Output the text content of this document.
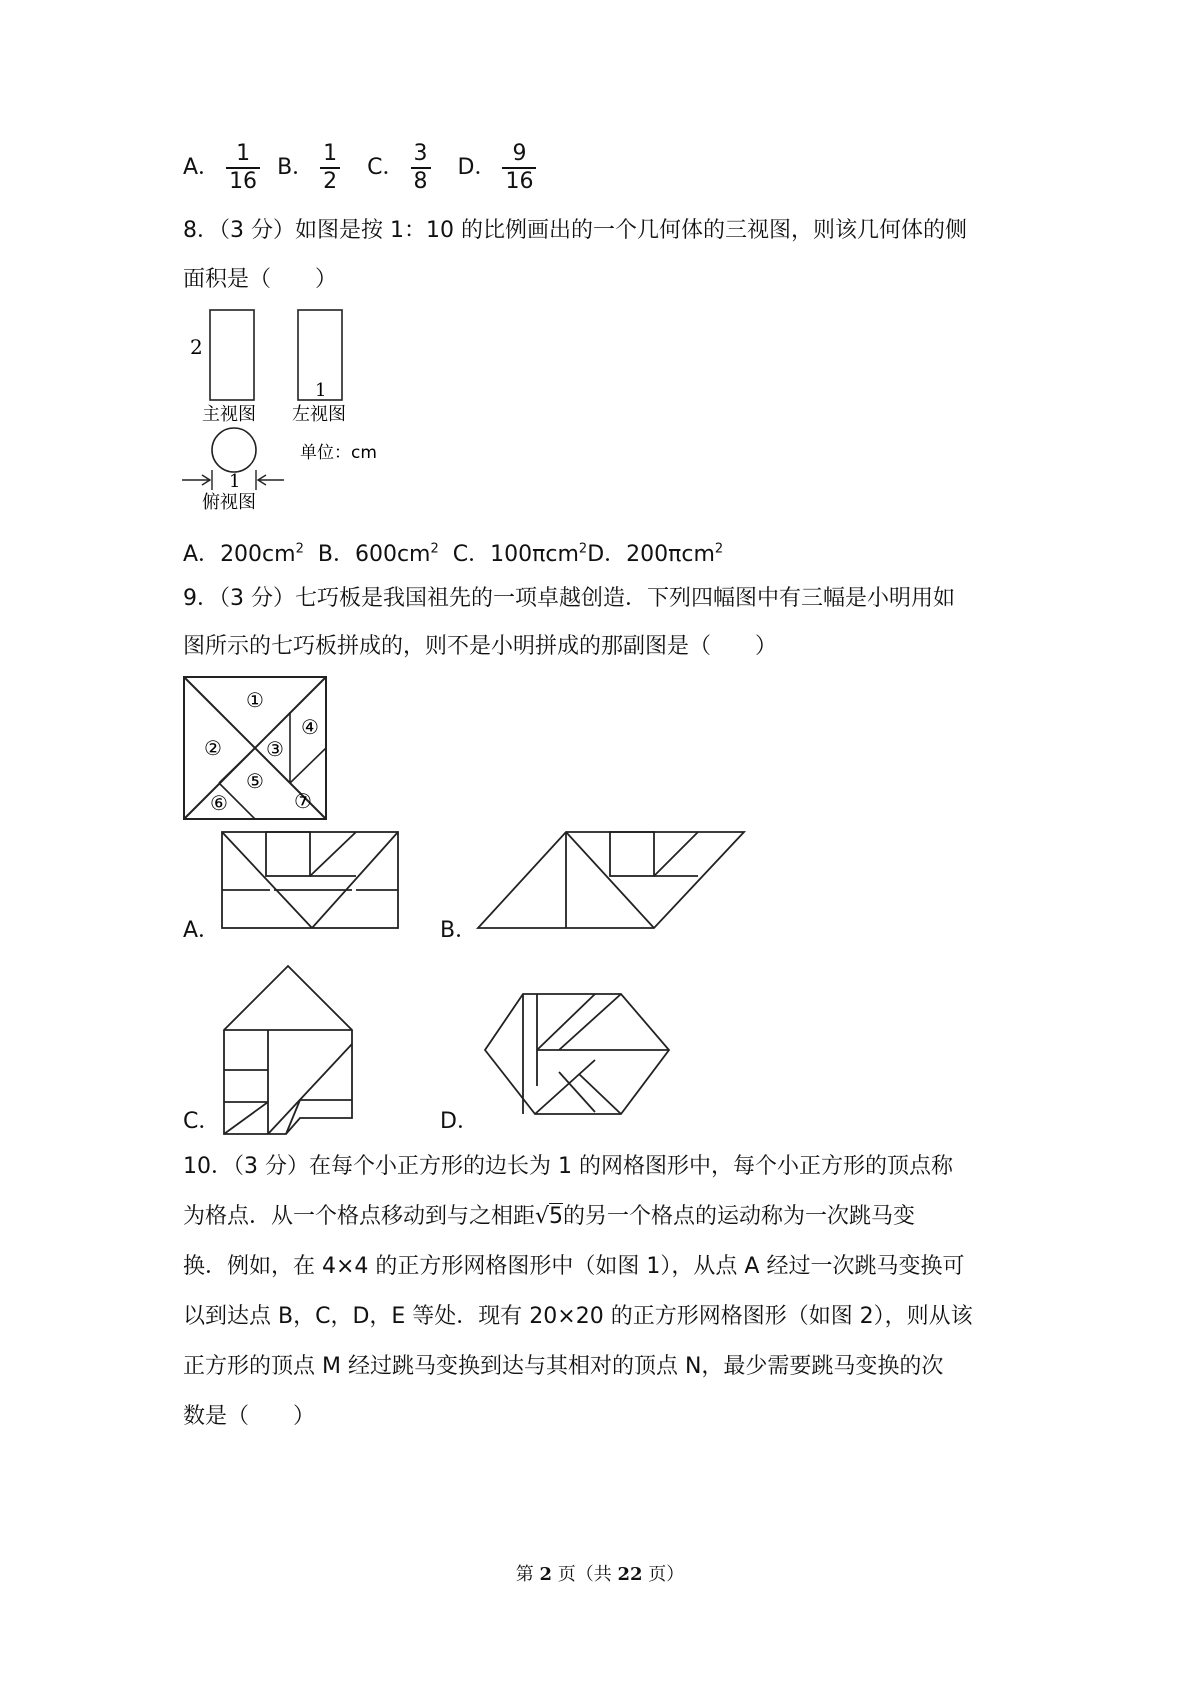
A． $\frac{1}{16}$ B． $\frac{1}{2}$ C． $\frac{3}{8}$ D． $\frac{9}{16}$
8．（3 分）如图是按 1：10 的比例画出的一个几何体的三视图，则该几何体的侧
面积是（　　）
2
1
主视图 左视图
单位：cm
1
俯视图
A．$200cm^2$ B．$600cm^2$ C．100πcm$^2$D．200πcm$^2$
9．（3 分）七巧板是我国祖先的一项卓越创造．下列四幅图中有三幅是小明用如
图所示的七巧板拼成的，则不是小明拼成的那副图是（　　）
①
② ③
④
⑤
⑥	⑦
A．	B．
C．	D．
10．（3 分）在每个小正方形的边长为 1 的网格图形中，每个小正方形的顶点称
为格点．从一个格点移动到与之相距√5的另一个格点的运动称为一次跳马变
换．例如，在 4×4 的正方形网格图形中（如图 1），从点 A 经过一次跳马变换可
以到达点 B，C，D，E 等处．现有 20×20 的正方形网格图形（如图 2），则从该
正方形的顶点 M 经过跳马变换到达与其相对的顶点 N，最少需要跳马变换的次
数是（　　）
第 2 页（共 22 页）
